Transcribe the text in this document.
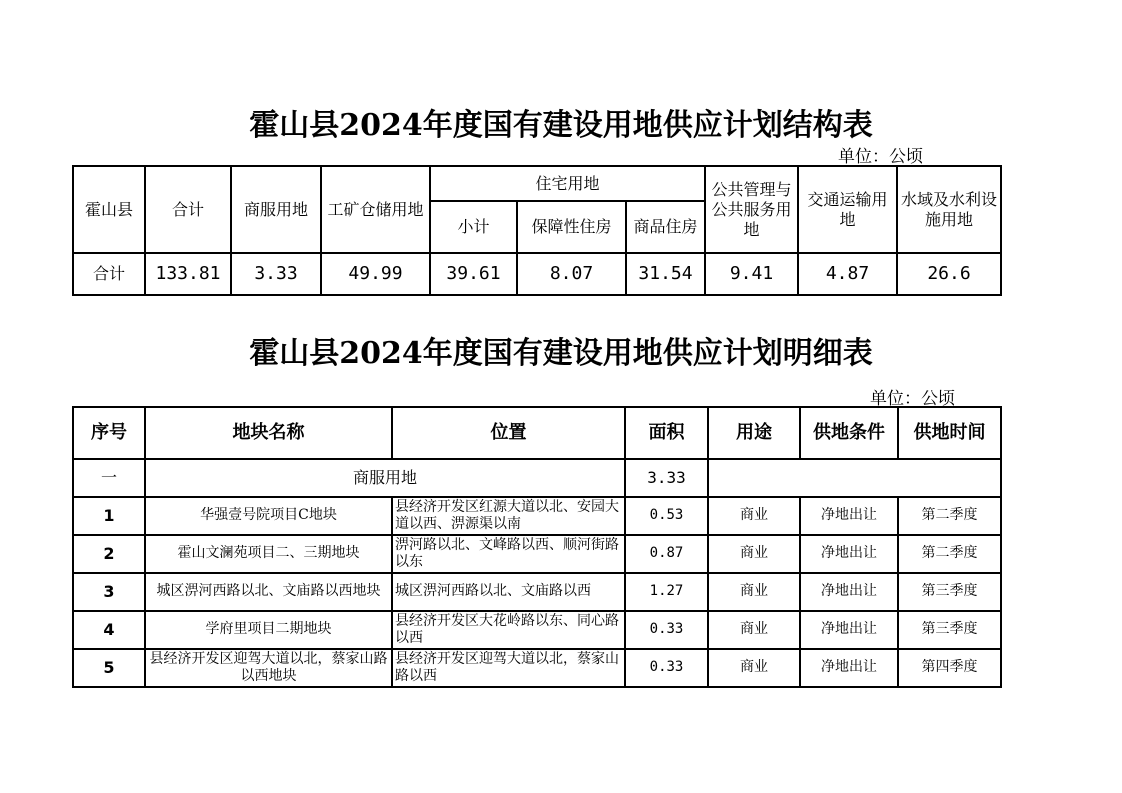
霍山县2024年度国有建设用地供应计划结构表
单位：公顷
霍山县	合计	商服用地	工矿仓储用地	住宅用地			公共管理与公共服务用地	交通运输用地	水域及水利设施用地
				小计	保障性住房	商品住房			
合计	133.81	3.33	49.99	39.61	8.07	31.54	9.41	4.87	26.6
霍山县2024年度国有建设用地供应计划明细表
单位：公顷
序号	地块名称	位置	面积	用途	供地条件	供地时间
一	商服用地		3.33			
1	华强壹号院项目C地块	县经济开发区红源大道以北、安园大道以西、淠源渠以南	0.53	商业	净地出让	第二季度
2	霍山文澜苑项目二、三期地块	淠河路以北、文峰路以西、顺河街路以东	0.87	商业	净地出让	第二季度
3	城区淠河西路以北、文庙路以西地块	城区淠河西路以北、文庙路以西	1.27	商业	净地出让	第三季度
4	学府里项目二期地块	县经济开发区大花岭路以东、同心路以西	0.33	商业	净地出让	第三季度
5	县经济开发区迎驾大道以北，蔡家山路以西地块	县经济开发区迎驾大道以北，蔡家山路以西	0.33	商业	净地出让	第四季度
